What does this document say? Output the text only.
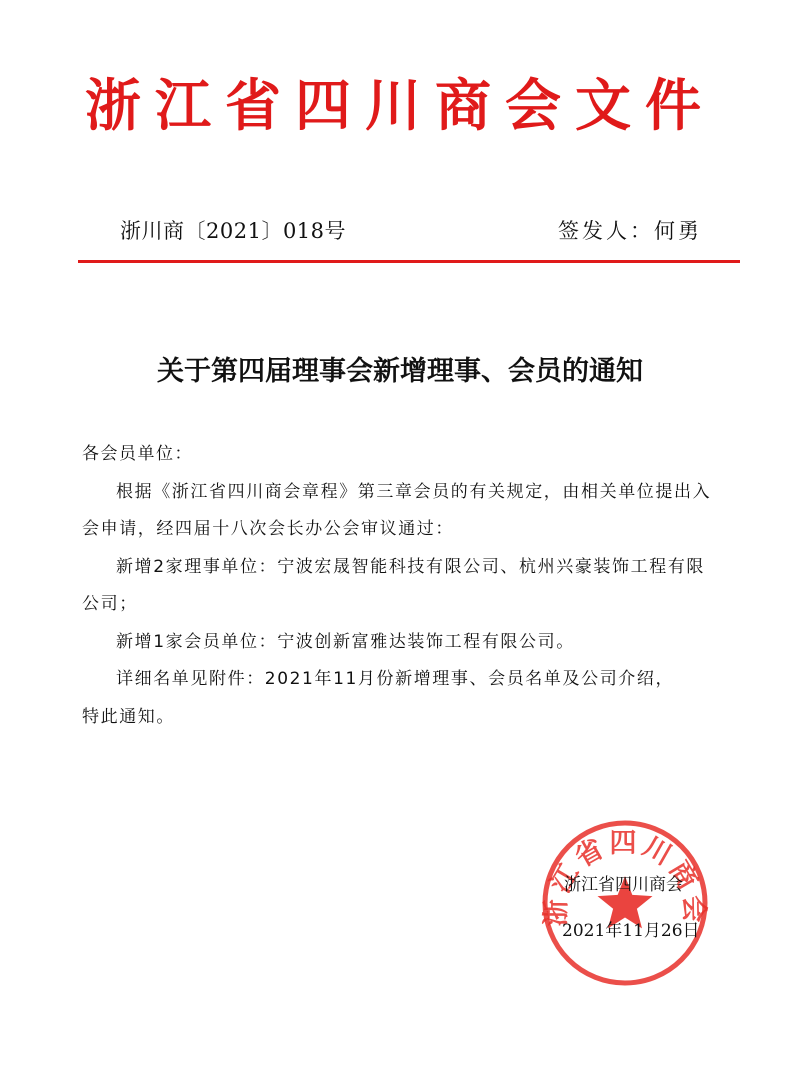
浙江省四川商会文件
浙川商〔2021〕018号	签发人：何勇
关于第四届理事会新增理事、会员的通知

各会员单位：

根据《浙江省四川商会章程》第三章会员的有关规定，由相关单位提出入会申请，经四届十八次会长办公会审议通过：

新增2家理事单位：宁波宏晟智能科技有限公司、杭州兴豪装饰工程有限公司；

新增1家会员单位：宁波创新富雅达装饰工程有限公司。

详细名单见附件：2021年11月份新增理事、会员名单及公司介绍，

特此通知。

浙江省四川商会
浙江省四川商会
2021年11月26日
